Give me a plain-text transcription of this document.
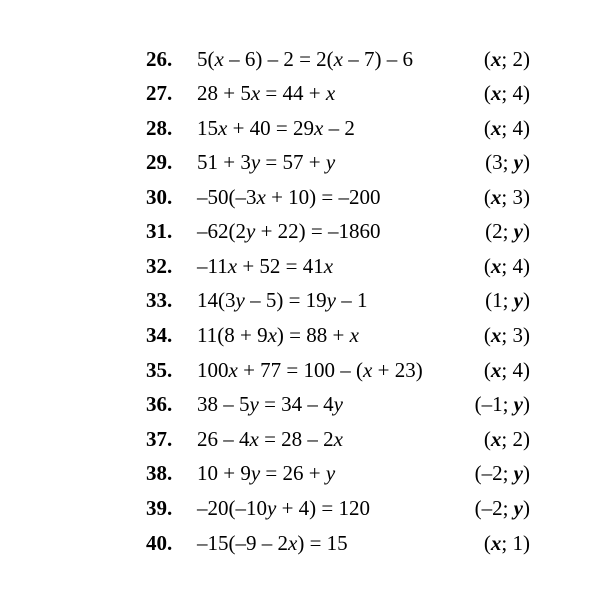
26. 5(x – 6) – 2 = 2(x – 7) – 6	(x; 2)
27. 28 + 5x = 44 + x	(x; 4)
28. 15x + 40 = 29x – 2	(x; 4)
29. 51 + 3y = 57 + y	(3; y)
30. –50(–3x + 10) = –200	(x; 3)
31. –62(2y + 22) = –1860	(2; y)
32. –11x + 52 = 41x	(x; 4)
33. 14(3y – 5) = 19y – 1	(1; y)
34. 11(8 + 9x) = 88 + x	(x; 3)
35. 100x + 77 = 100 – (x + 23)	(x; 4)
36. 38 – 5y = 34 – 4y	(–1; y)
37. 26 – 4x = 28 – 2x	(x; 2)
38. 10 + 9y = 26 + y	(–2; y)
39. –20(–10y + 4) = 120	(–2; y)
40. –15(–9 – 2x) = 15	(x; 1)
